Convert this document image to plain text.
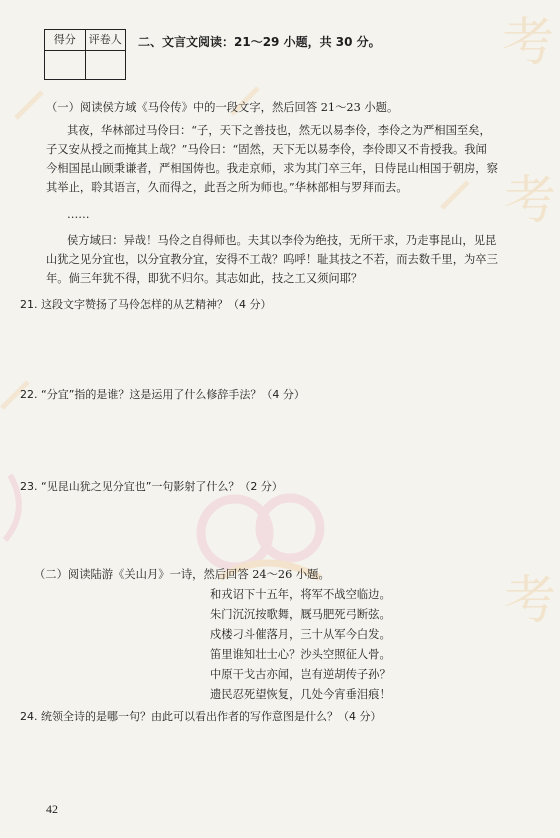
考
考
考
得分	评卷人 二、文言文阅读：21～29 小题，共 30 分。
（一）阅读侯方域《马伶传》中的一段文字，然后回答 21～23 小题。
其夜，华林部过马伶曰：“子，天下之善技也，然无以易李伶，李伶之为严相国至矣，
子又安从授之而掩其上哉？”马伶曰：“固然，天下无以易李伶，李伶即又不肯授我。我闻
今相国昆山顾秉谦者，严相国俦也。我走京师，求为其门卒三年，日侍昆山相国于朝房，察
其举止，聆其语言，久而得之，此吾之所为师也。”华林部相与罗拜而去。
……
侯方域曰：异哉！马伶之自得师也。夫其以李伶为绝技，无所干求，乃走事昆山，见昆
山犹之见分宜也，以分宜教分宜，安得不工哉？呜呼！耻其技之不若，而去数千里，为卒三
年。倘三年犹不得，即犹不归尔。其志如此，技之工又须问耶？
21. 这段文字赞扬了马伶怎样的从艺精神？（4 分）
22. “分宜”指的是谁？这是运用了什么修辞手法？（4 分）
23. “见昆山犹之见分宜也”一句影射了什么？（2 分）
（二）阅读陆游《关山月》一诗，然后回答 24～26 小题。
和戎诏下十五年，将军不战空临边。
朱门沉沉按歌舞，厩马肥死弓断弦。
戍楼刁斗催落月，三十从军今白发。
笛里谁知壮士心？沙头空照征人骨。
中原干戈古亦闻，岂有逆胡传子孙？
遗民忍死望恢复，几处今宵垂泪痕！
24. 统领全诗的是哪一句？由此可以看出作者的写作意图是什么？（4 分）
42
